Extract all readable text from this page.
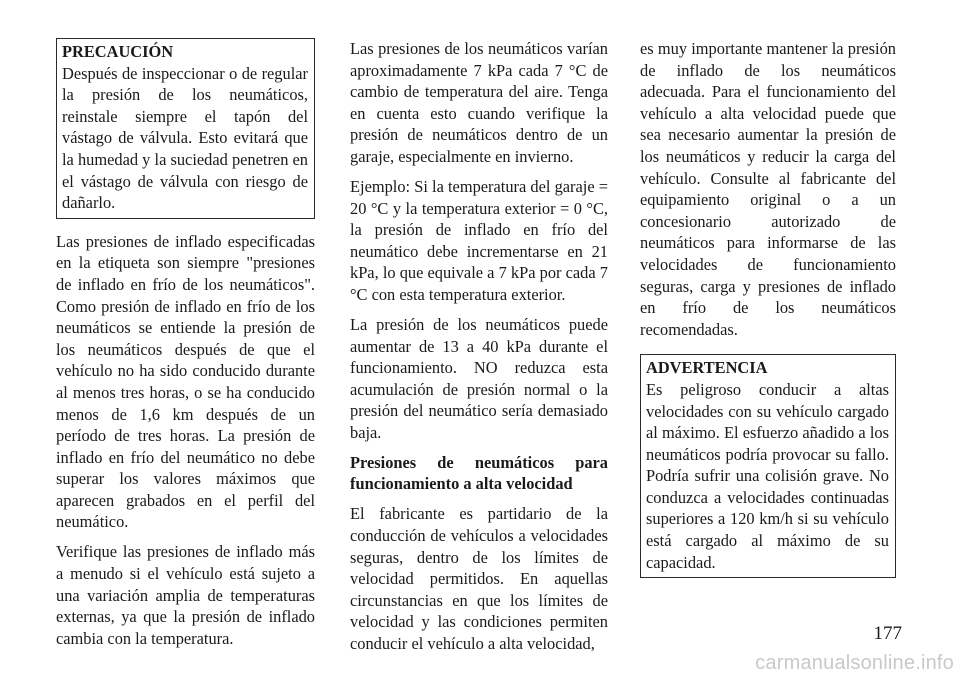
PRECAUCIÓN

Después de inspeccionar o de regular la presión de los neumáticos, reinstale siempre el tapón del vástago de válvula. Esto evitará que la humedad y la suciedad penetren en el vástago de válvula con riesgo de dañarlo.

Las presiones de inflado especificadas en la etiqueta son siempre "presiones de inflado en frío de los neumáticos". Como presión de inflado en frío de los neumáticos se entiende la presión de los neumáticos después de que el vehículo no ha sido conducido durante al menos tres horas, o se ha conducido menos de 1,6 km después de un período de tres horas. La presión de inflado en frío del neumático no debe superar los valores máximos que aparecen grabados en el perfil del neumático.

Verifique las presiones de inflado más a menudo si el vehículo está sujeto a una variación amplia de temperaturas externas, ya que la presión de inflado cambia con la temperatura.

Las presiones de los neumáticos varían aproximadamente 7 kPa cada 7 °C de cambio de temperatura del aire. Tenga en cuenta esto cuando verifique la presión de neumáticos dentro de un garaje, especialmente en invierno.

Ejemplo: Si la temperatura del garaje = 20 °C y la temperatura exterior = 0 °C, la presión de inflado en frío del neumático debe incrementarse en 21 kPa, lo que equivale a 7 kPa por cada 7 °C con esta temperatura exterior.

La presión de los neumáticos puede aumentar de 13 a 40 kPa durante el funcionamiento. NO reduzca esta acumulación de presión normal o la presión del neumático sería demasiado baja.

Presiones de neumáticos para funcionamiento a alta velocidad

El fabricante es partidario de la conducción de vehículos a velocidades seguras, dentro de los límites de velocidad permitidos. En aquellas circunstancias en que los límites de velocidad y las condiciones permiten conducir el vehículo a alta velocidad,

es muy importante mantener la presión de inflado de los neumáticos adecuada. Para el funcionamiento del vehículo a alta velocidad puede que sea necesario aumentar la presión de los neumáticos y reducir la carga del vehículo. Consulte al fabricante del equipamiento original o a un concesionario autorizado de neumáticos para informarse de las velocidades de funcionamiento seguras, carga y presiones de inflado en frío de los neumáticos recomendadas.

ADVERTENCIA

Es peligroso conducir a altas velocidades con su vehículo cargado al máximo. El esfuerzo añadido a los neumáticos podría provocar su fallo. Podría sufrir una colisión grave. No conduzca a velocidades continuadas superiores a 120 km/h si su vehículo está cargado al máximo de su capacidad.

177
carmanualsonline.info
